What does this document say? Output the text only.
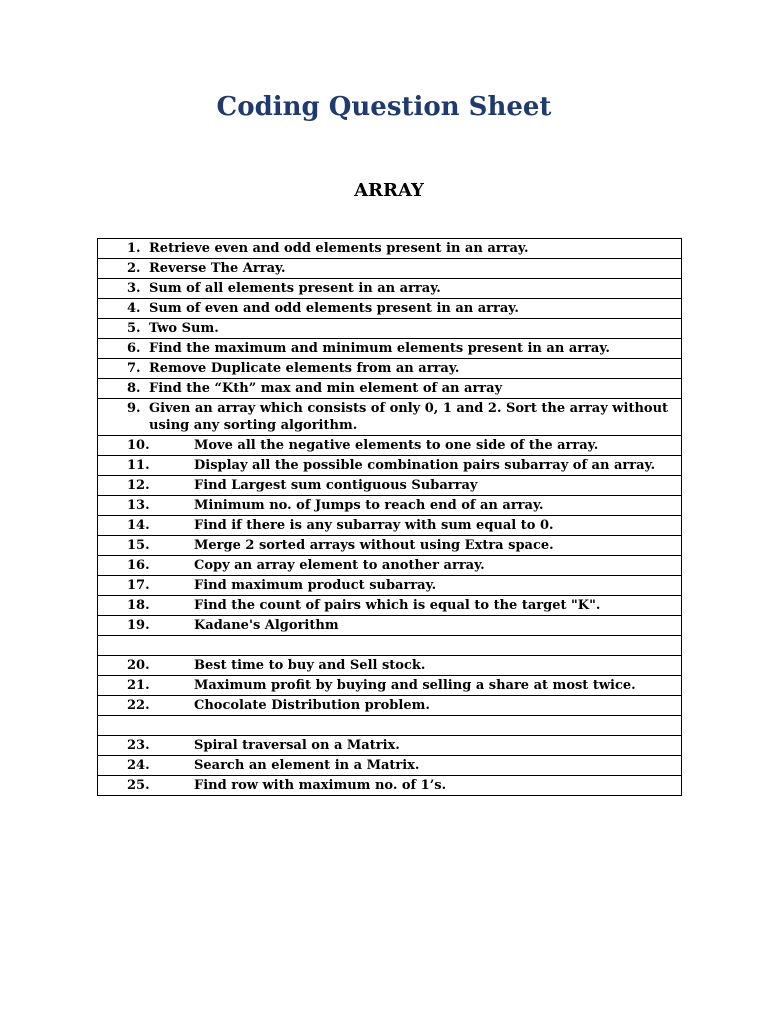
Coding Question Sheet
ARRAY
1. Retrieve even and odd elements present in an array.

2. Reverse The Array.

3. Sum of all elements present in an array.

4. Sum of even and odd elements present in an array.

5. Two Sum.

6. Find the maximum and minimum elements present in an array.

7. Remove Duplicate elements from an array.

8. Find the “Kth” max and min element of an array

9. Given an array which consists of only 0, 1 and 2. Sort the array without using any sorting algorithm.

10.	Move all the negative elements to one side of the array.

11.	Display all the possible combination pairs subarray of an array.

12.	Find Largest sum contiguous Subarray

13.	Minimum no. of Jumps to reach end of an array.

14.	Find if there is any subarray with sum equal to 0.

15.	Merge 2 sorted arrays without using Extra space.

16.	Copy an array element to another array.

17.	Find maximum product subarray.

18.	Find the count of pairs which is equal to the target "K".

19.	Kadane's Algorithm

20.	Best time to buy and Sell stock.

21.	Maximum profit by buying and selling a share at most twice.

22.	Chocolate Distribution problem.

23.	Spiral traversal on a Matrix.

24.	Search an element in a Matrix.

25.	Find row with maximum no. of 1’s.
